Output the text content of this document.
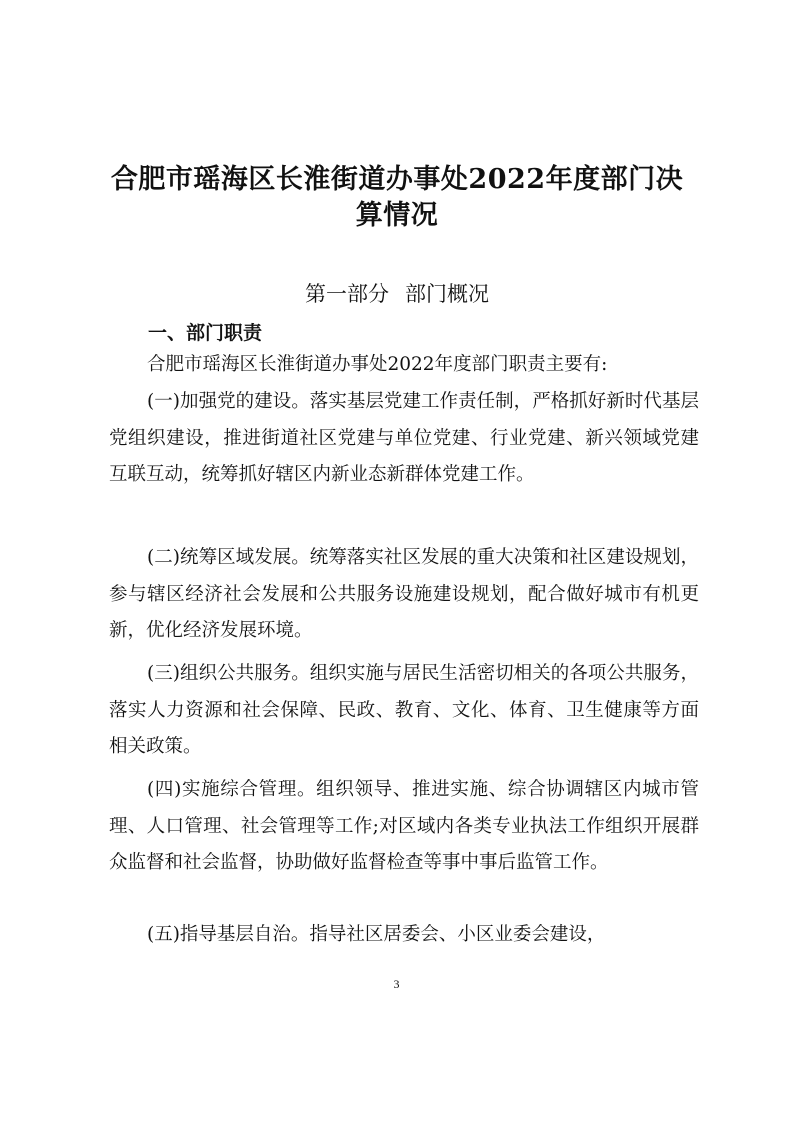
合肥市瑶海区长淮街道办事处2022年度部门决算情况
第一部分 部门概况
一、部门职责

合肥市瑶海区长淮街道办事处2022年度部门职责主要有:

(一)加强党的建设。落实基层党建工作责任制，严格抓好新时代基层党组织建设，推进街道社区党建与单位党建、行业党建、新兴领域党建互联互动，统筹抓好辖区内新业态新群体党建工作。

(二)统筹区域发展。统筹落实社区发展的重大决策和社区建设规划，参与辖区经济社会发展和公共服务设施建设规划，配合做好城市有机更新，优化经济发展环境。

(三)组织公共服务。组织实施与居民生活密切相关的各项公共服务，落实人力资源和社会保障、民政、教育、文化、体育、卫生健康等方面相关政策。

(四)实施综合管理。组织领导、推进实施、综合协调辖区内城市管理、人口管理、社会管理等工作;对区域内各类专业执法工作组织开展群众监督和社会监督，协助做好监督检查等事中事后监管工作。

(五)指导基层自治。指导社区居委会、小区业委会建设，

3
